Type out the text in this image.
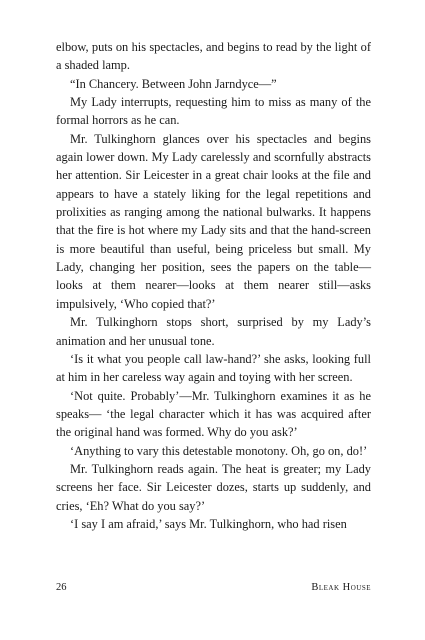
elbow, puts on his spectacles, and begins to read by the light of a shaded lamp.

“In Chancery. Between John Jarndyce—”

My Lady interrupts, requesting him to miss as many of the formal horrors as he can.

Mr. Tulkinghorn glances over his spectacles and begins again lower down. My Lady carelessly and scornfully abstracts her attention. Sir Leicester in a great chair looks at the file and appears to have a stately liking for the legal repetitions and prolixities as ranging among the national bulwarks. It happens that the fire is hot where my Lady sits and that the hand-screen is more beautiful than useful, being priceless but small. My Lady, changing her position, sees the papers on the table—looks at them nearer—looks at them nearer still—asks impulsively, ‘Who copied that?’

Mr. Tulkinghorn stops short, surprised by my Lady’s animation and her unusual tone.

‘Is it what you people call law-hand?’ she asks, looking full at him in her careless way again and toying with her screen.

‘Not quite. Probably’—Mr. Tulkinghorn examines it as he speaks— ‘the legal character which it has was acquired after the original hand was formed. Why do you ask?’

‘Anything to vary this detestable monotony. Oh, go on, do!’

Mr. Tulkinghorn reads again. The heat is greater; my Lady screens her face. Sir Leicester dozes, starts up suddenly, and cries, ‘Eh? What do you say?’

‘I say I am afraid,’ says Mr. Tulkinghorn, who had risen

26	Bleak House
